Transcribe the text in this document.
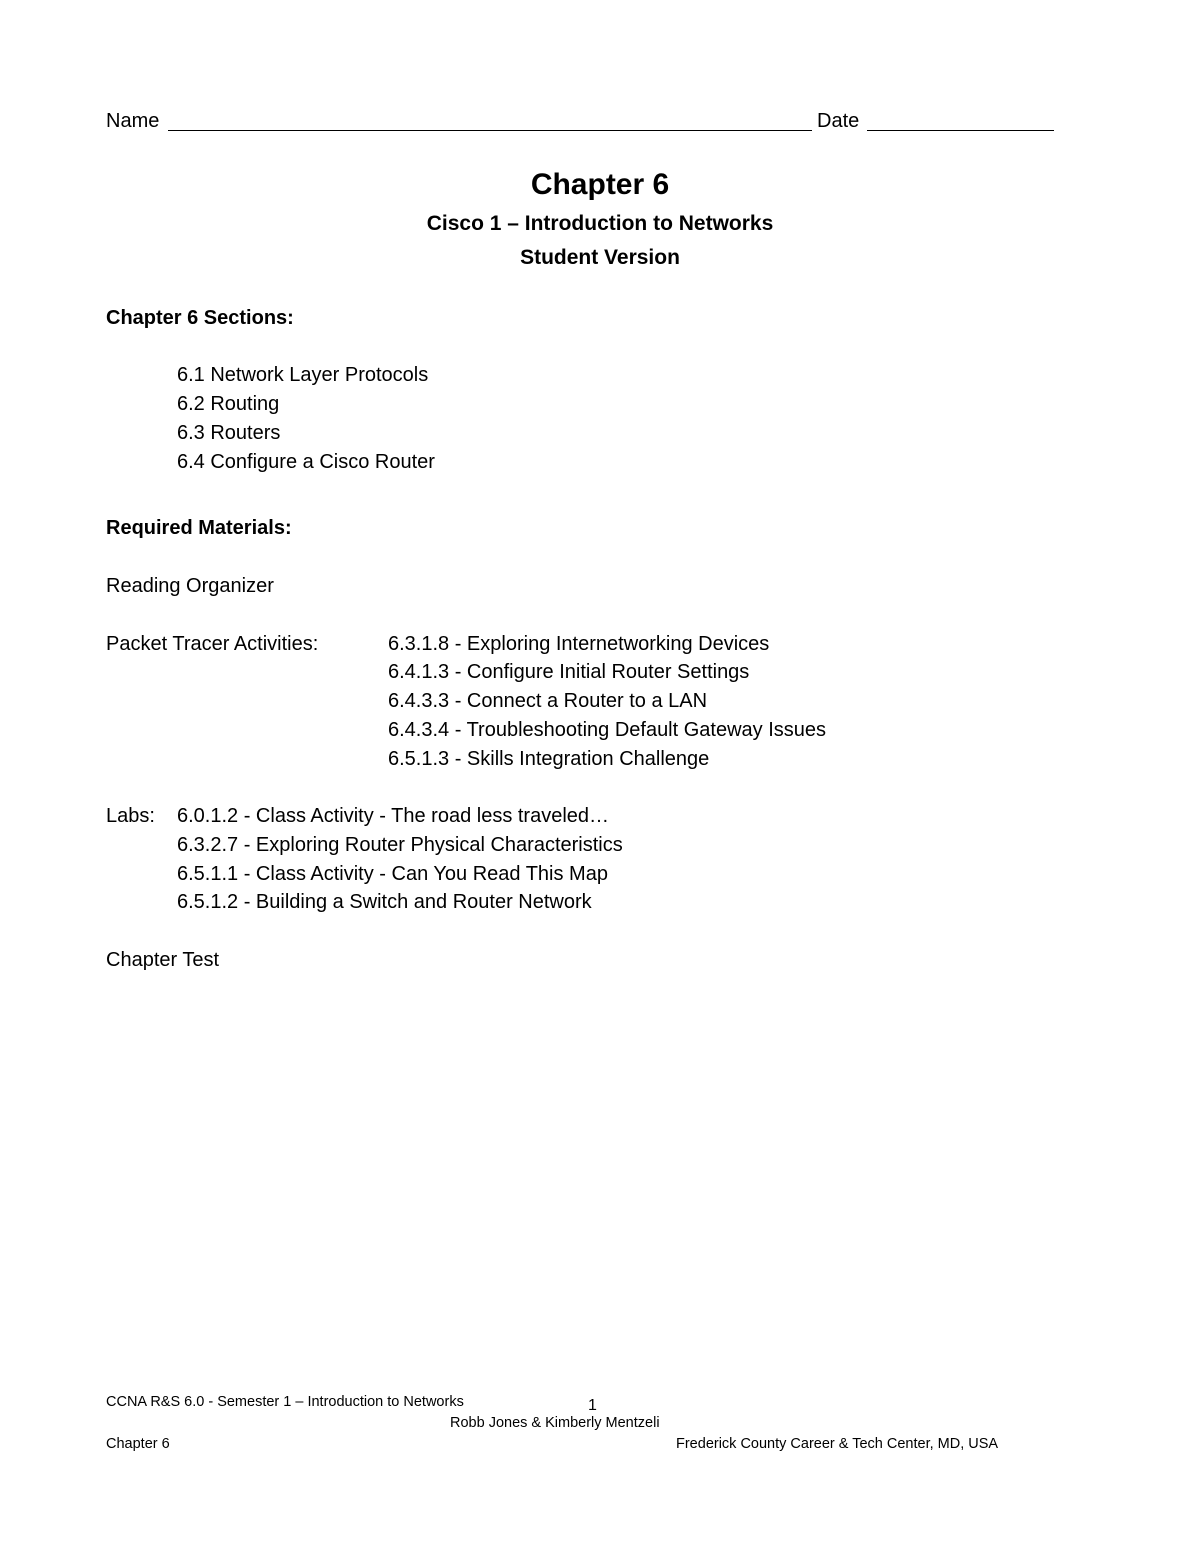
Name	Date
Chapter 6
Cisco 1 – Introduction to Networks
Student Version
Chapter 6 Sections:
6.1 Network Layer Protocols
6.2 Routing
6.3 Routers
6.4 Configure a Cisco Router
Required Materials:
Reading Organizer
Packet Tracer Activities:	6.3.1.8 - Exploring Internetworking Devices
6.4.1.3 - Configure Initial Router Settings
6.4.3.3 - Connect a Router to a LAN
6.4.3.4 - Troubleshooting Default Gateway Issues
6.5.1.3 - Skills Integration Challenge
Labs: 6.0.1.2 - Class Activity - The road less traveled…
6.3.2.7 - Exploring Router Physical Characteristics
6.5.1.1 - Class Activity - Can You Read This Map
6.5.1.2 - Building a Switch and Router Network
Chapter Test
CCNA R&S 6.0 - Semester 1 – Introduction to Networks	1
Robb Jones & Kimberly Mentzeli
Chapter 6	Frederick County Career & Tech Center, MD, USA
